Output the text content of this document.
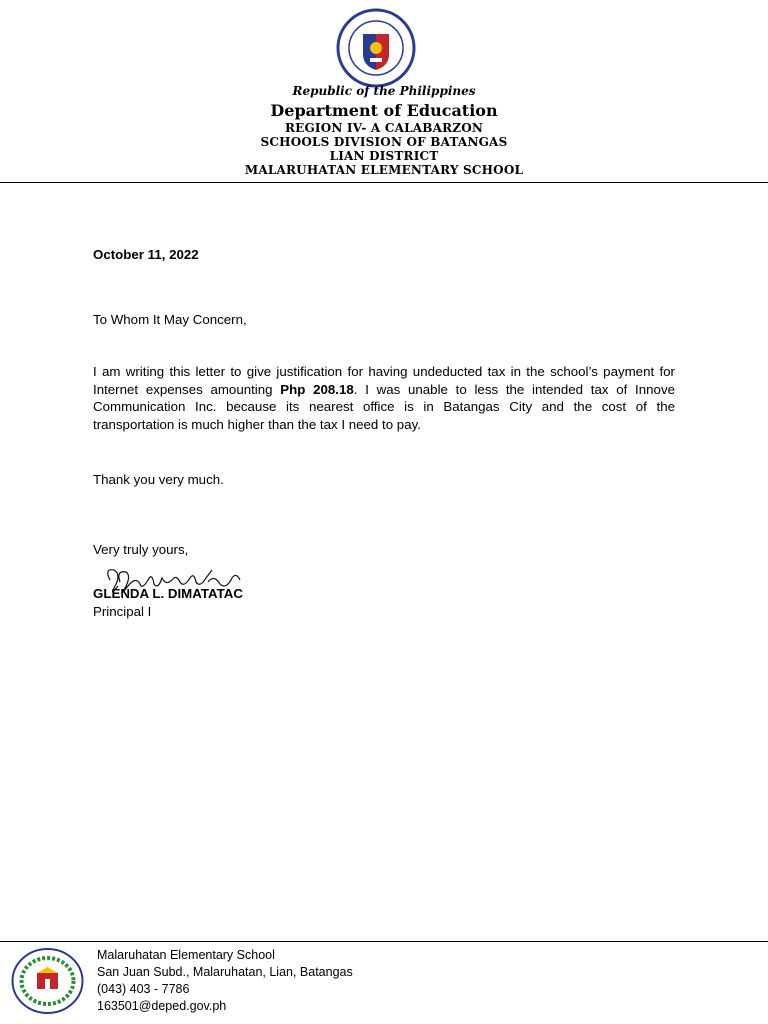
Republic of the Philippines
Department of Education
REGION IV- A CALABARZON
SCHOOLS DIVISION OF BATANGAS
LIAN DISTRICT
MALARUHATAN ELEMENTARY SCHOOL
October 11, 2022
To Whom It May Concern,
I am writing this letter to give justification for having undeducted tax in the school’s payment for Internet expenses amounting Php 208.18. I was unable to less the intended tax of Innove Communication Inc. because its nearest office is in Batangas City and the cost of the transportation is much higher than the tax I need to pay.
Thank you very much.
Very truly yours,
GLENDA L. DIMATATAC
Principal I
Malaruhatan Elementary School
San Juan Subd., Malaruhatan, Lian, Batangas
(043) 403 - 7786
163501@deped.gov.ph
